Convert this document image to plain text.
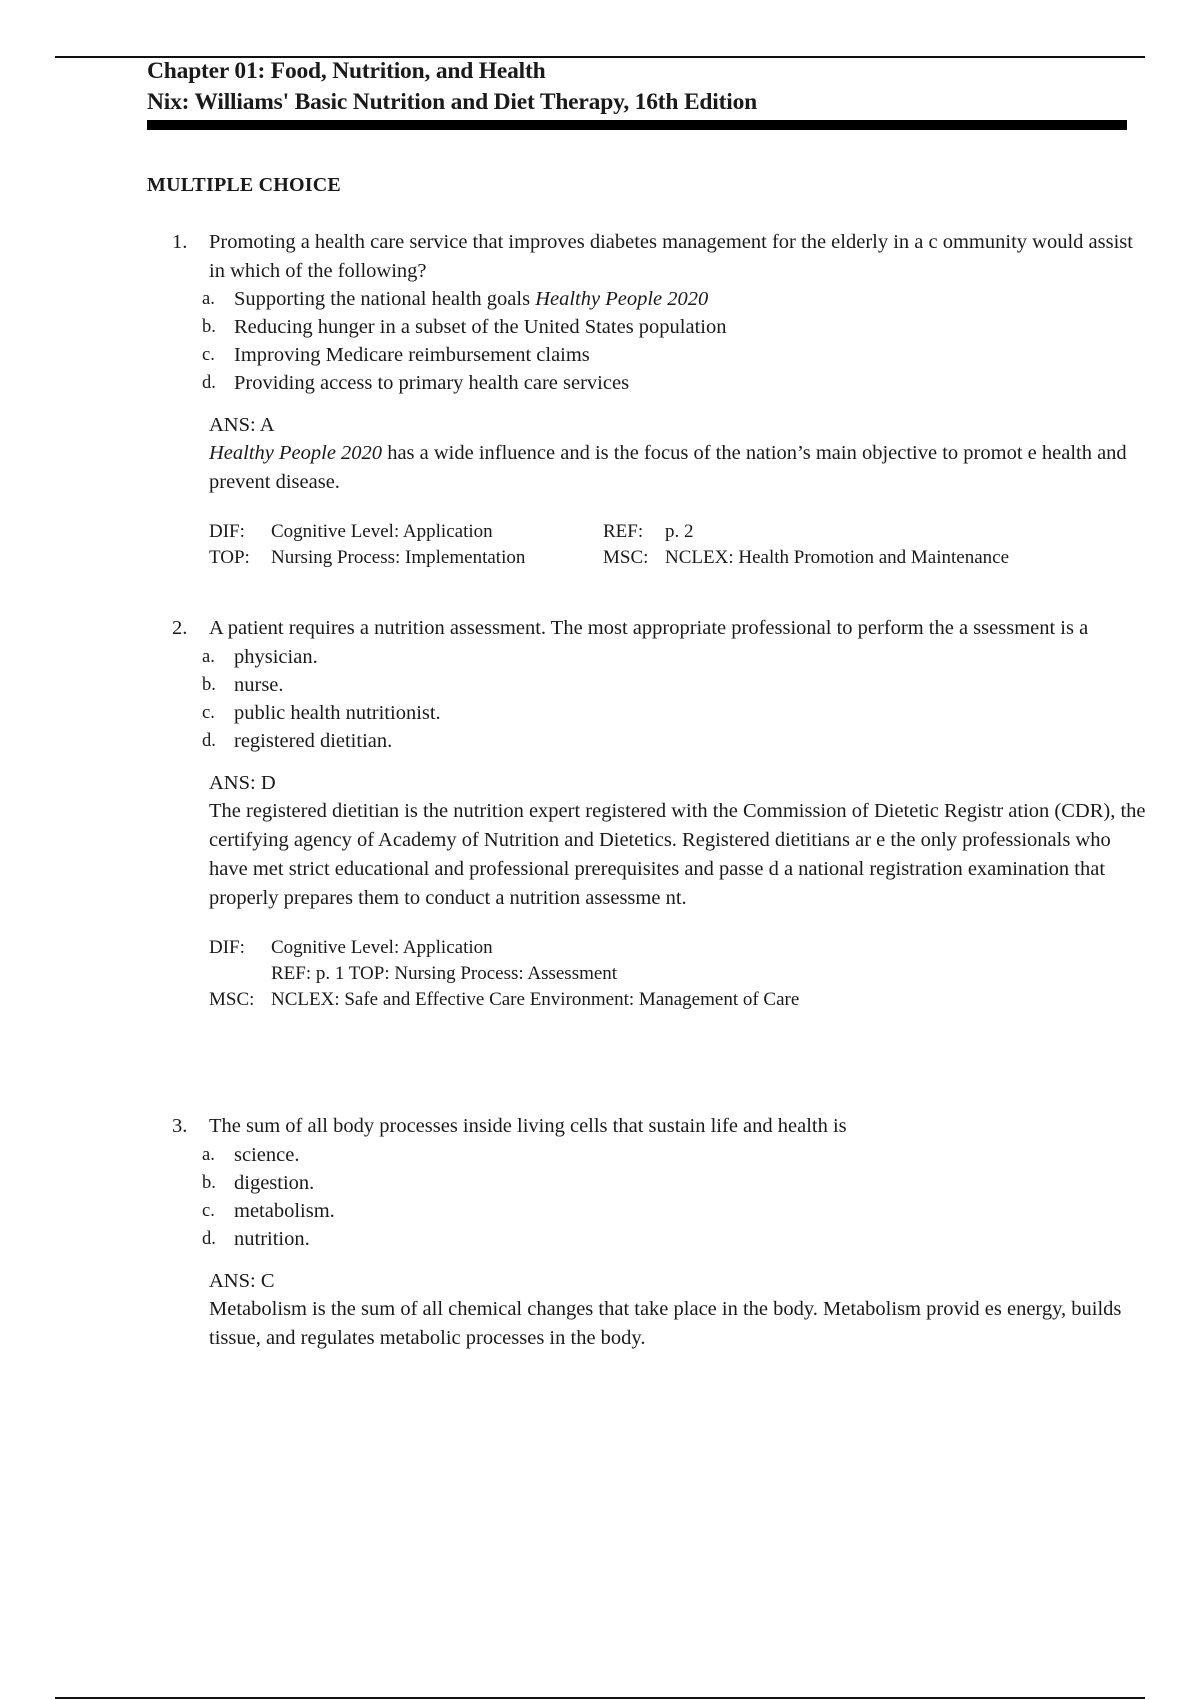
Chapter 01: Food, Nutrition, and Health
Nix: Williams' Basic Nutrition and Diet Therapy, 16th Edition
MULTIPLE CHOICE
1.	Promoting a health care service that improves diabetes management for the elderly in a c ommunity would assist in which of the following?
a. Supporting the national health goals Healthy People 2020
b. Reducing hunger in a subset of the United States population
c. Improving Medicare reimbursement claims
d. Providing access to primary health care services
ANS: A
Healthy People 2020 has a wide influence and is the focus of the nation’s main objective to promot e health and prevent disease.
DIF:	Cognitive Level: Application	REF:	p. 2
TOP:	Nursing Process: Implementation	MSC: NCLEX: Health Promotion and Maintenance
2.	A patient requires a nutrition assessment. The most appropriate professional to perform the a ssessment is a
a. physician.
b. nurse.
c. public health nutritionist.
d. registered dietitian.
ANS: D
The registered dietitian is the nutrition expert registered with the Commission of Dietetic Registr ation (CDR), the certifying agency of Academy of Nutrition and Dietetics. Registered dietitians ar e the only professionals who have met strict educational and professional prerequisites and passe d a national registration examination that properly prepares them to conduct a nutrition assessme nt.
DIF:	Cognitive Level: Application
REF: p. 1 TOP: Nursing Process: Assessment
MSC: NCLEX: Safe and Effective Care Environment: Management of Care
3.	The sum of all body processes inside living cells that sustain life and health is
a. science.
b. digestion.
c. metabolism.
d. nutrition.
ANS: C
Metabolism is the sum of all chemical changes that take place in the body. Metabolism provid es energy, builds tissue, and regulates metabolic processes in the body.
